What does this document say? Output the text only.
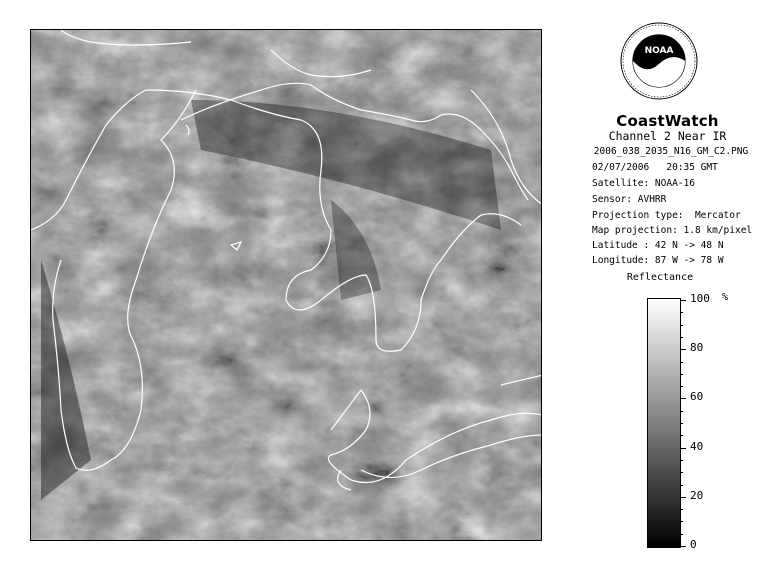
NOAA
CoastWatch
Channel 2 Near IR
2006_038_2035_N16_GM_C2.PNG
02/07/2006   20:35 GMT
Satellite: NOAA-16
Sensor: AVHRR
Projection type:  Mercator
Map projection: 1.8 km/pixel
Latitude : 42 N -> 48 N
Longitude: 87 W -> 78 W
Reflectance
%
100
80
60
40
20
0
